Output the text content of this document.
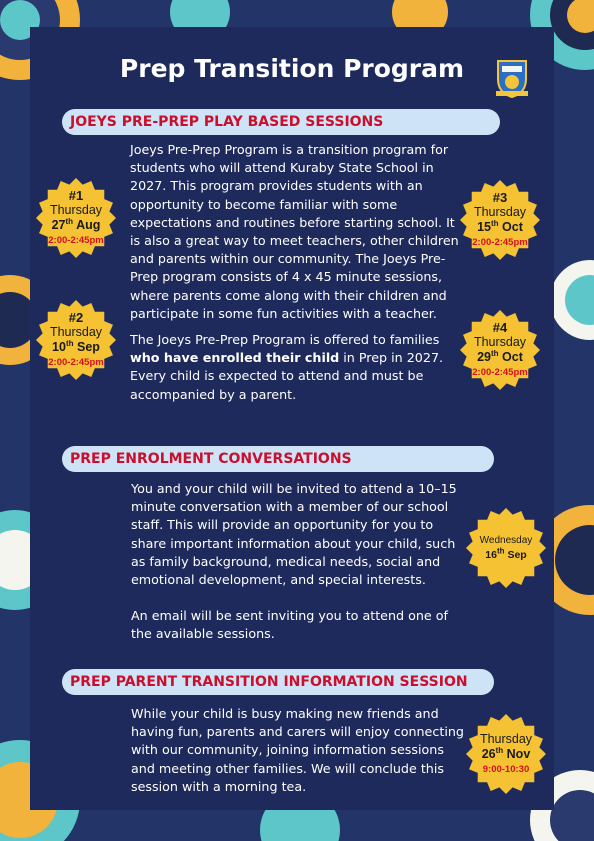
Prep Transition Program
JOEYS PRE-PREP PLAY BASED SESSIONS

Joeys Pre-Prep Program is a transition program for students who will attend Kuraby State School in 2027. This program provides students with an opportunity to become familiar with some expectations and routines before starting school. It is also a great way to meet teachers, other children and parents within our community. The Joeys Pre-Prep program consists of 4 x 45 minute sessions, where parents come along with their children and participate in some fun activities with a teacher.

The Joeys Pre-Prep Program is offered to families who have enrolled their child in Prep in 2027. Every child is expected to attend and must be accompanied by a parent.

#1
Thursday
27th Aug
2:00-2:45pm
#2
Thursday
10th Sep
2:00-2:45pm
#3
Thursday
15th Oct
2:00-2:45pm
#4
Thursday
29th Oct
2:00-2:45pm
PREP ENROLMENT CONVERSATIONS

You and your child will be invited to attend a 10–15 minute conversation with a member of our school staff. This will provide an opportunity for you to share important information about your child, such as family background, medical needs, social and emotional development, and special interests.

An email will be sent inviting you to attend one of the available sessions.

Wednesday
16th Sep
PREP PARENT TRANSITION INFORMATION SESSION

While your child is busy making new friends and having fun, parents and carers will enjoy connecting with our community, joining information sessions and meeting other families. We will conclude this session with a morning tea.

Thursday
26th Nov
9:00-10:30
